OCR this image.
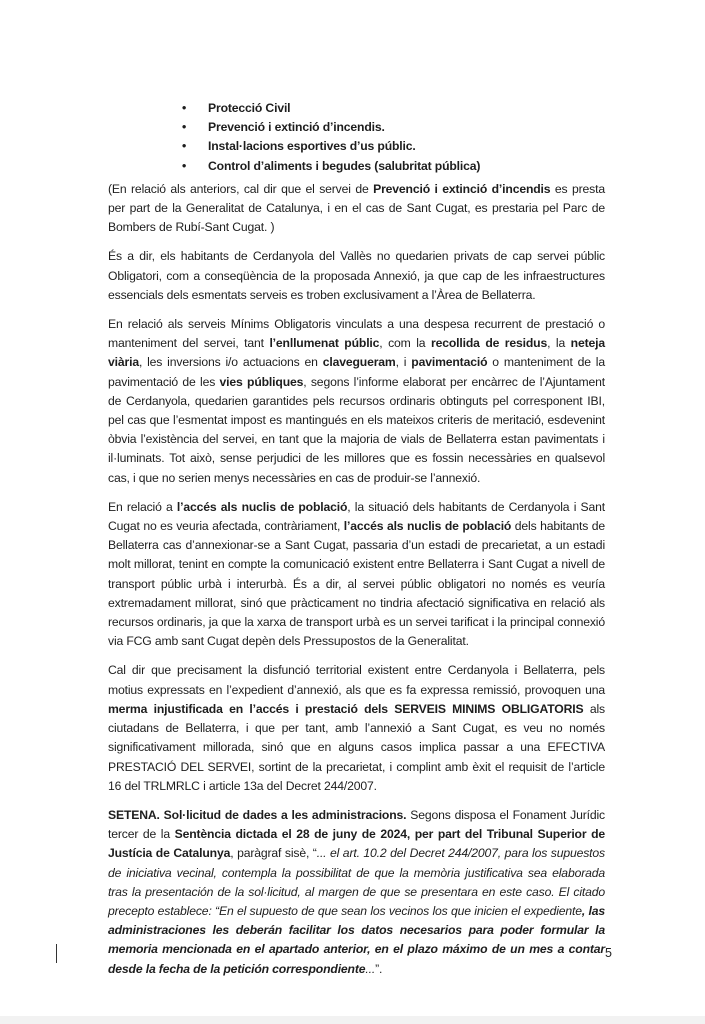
• Protecció Civil
• Prevenció i extinció d’incendis.
• Instal·lacions esportives d’us públic.
• Control d’aliments i begudes (salubritat pública)

(En relació als anteriors, cal dir que el servei de Prevenció i extinció d’incendis es presta per part de la Generalitat de Catalunya, i en el cas de Sant Cugat, es prestaria pel Parc de Bombers de Rubí-Sant Cugat. )

És a dir, els habitants de Cerdanyola del Vallès no quedarien privats de cap servei públic Obligatori, com a conseqüència de la proposada Annexió, ja que cap de les infraestructures essencials dels esmentats serveis es troben exclusivament a l’Àrea de Bellaterra.

En relació als serveis Mínims Obligatoris vinculats a una despesa recurrent de prestació o manteniment del servei, tant l’enllumenat públic, com la recollida de residus, la neteja viària, les inversions i/o actuacions en clavegueram, i pavimentació o manteniment de la pavimentació de les vies públiques, segons l’informe elaborat per encàrrec de l’Ajuntament de Cerdanyola, quedarien garantides pels recursos ordinaris obtinguts pel corresponent IBI, pel cas que l’esmentat impost es mantingués en els mateixos criteris de meritació, esdevenint òbvia l’existència del servei, en tant que la majoria de vials de Bellaterra estan pavimentats i il·luminats. Tot això, sense perjudici de les millores que es fossin necessàries en qualsevol cas, i que no serien menys necessàries en cas de produir-se l’annexió.

En relació a l’accés als nuclis de població, la situació dels habitants de Cerdanyola i Sant Cugat no es veuria afectada, contràriament, l’accés als nuclis de població dels habitants de Bellaterra cas d’annexionar-se a Sant Cugat, passaria d’un estadi de precarietat, a un estadi molt millorat, tenint en compte la comunicació existent entre Bellaterra i Sant Cugat a nivell de transport públic urbà i interurbà. És a dir, al servei públic obligatori no només es veuría extremadament millorat, sinó que pràcticament no tindria afectació significativa en relació als recursos ordinaris, ja que la xarxa de transport urbà es un servei tarificat i la principal connexió via FCG amb sant Cugat depèn dels Pressupostos de la Generalitat.

Cal dir que precisament la disfunció territorial existent entre Cerdanyola i Bellaterra, pels motius expressats en l’expedient d’annexió, als que es fa expressa remissió, provoquen una merma injustificada en l’accés i prestació dels SERVEIS MINIMS OBLIGATORIS als ciutadans de Bellaterra, i que per tant, amb l’annexió a Sant Cugat, es veu no només significativament millorada, sinó que en alguns casos implica passar a una EFECTIVA PRESTACIÓ DEL SERVEI, sortint de la precarietat, i complint amb èxit el requisit de l’article 16 del TRLMRLC i article 13a del Decret 244/2007.

SETENA. Sol·licitud de dades a les administracions. Segons disposa el Fonament Jurídic tercer de la Sentència dictada el 28 de juny de 2024, per part del Tribunal Superior de Justícia de Catalunya, paràgraf sisè, “... el art. 10.2 del Decret 244/2007, para los supuestos de iniciativa vecinal, contempla la possibilitat de que la memòria justificativa sea elaborada tras la presentación de la sol·licitud, al margen de que se presentara en este caso. El citado precepto establece: “En el supuesto de que sean los vecinos los que inicien el expediente, las administraciones les deberán facilitar los datos necesarios para poder formular la memoria mencionada en el apartado anterior, en el plazo máximo de un mes a contar desde la fecha de la petición correspondiente...”.

5
